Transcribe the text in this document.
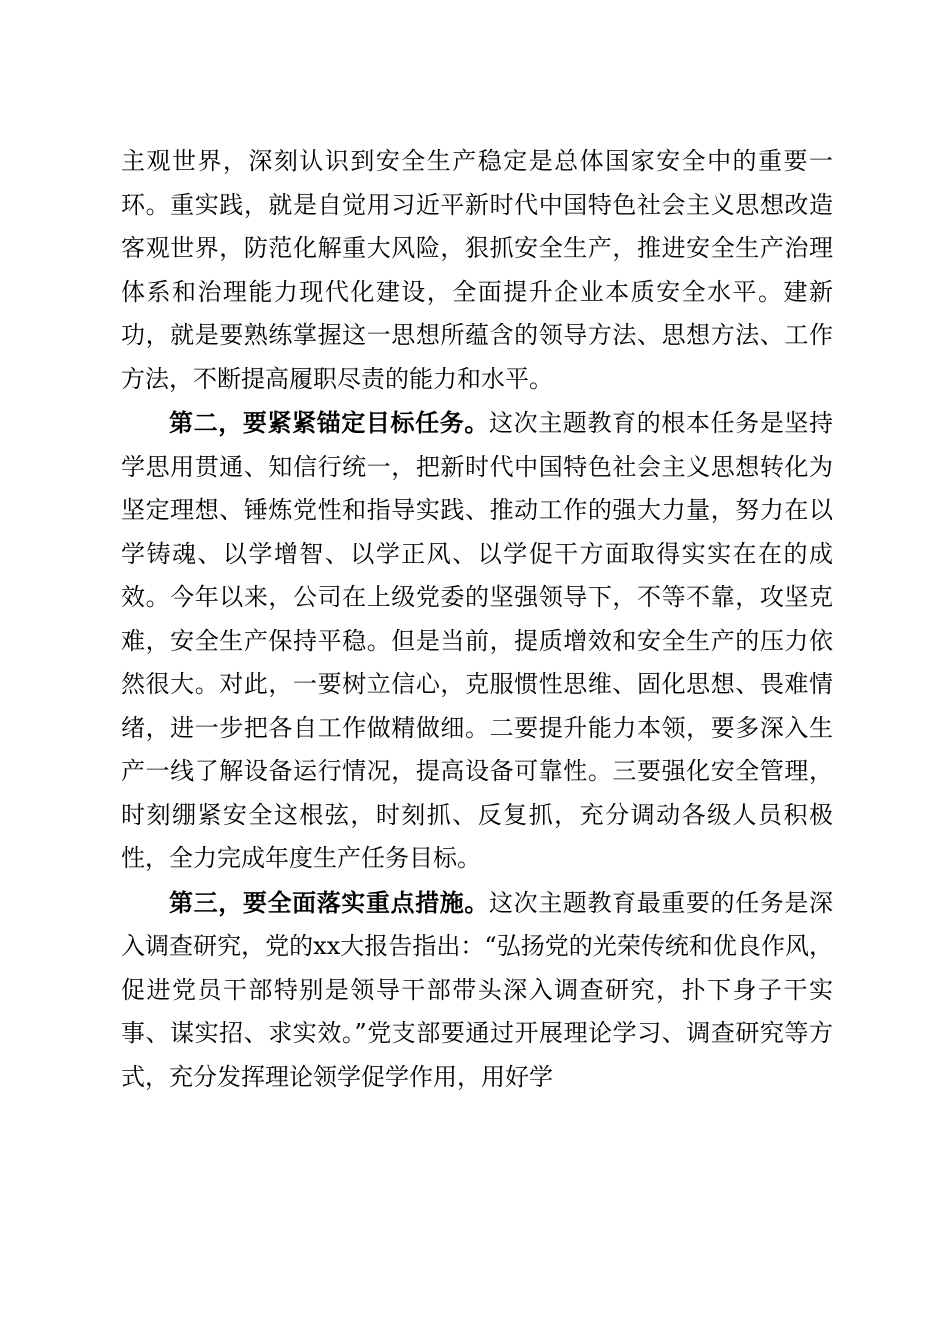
主观世界，深刻认识到安全生产稳定是总体国家安全中的重要一环。重实践，就是自觉用习近平新时代中国特色社会主义思想改造客观世界，防范化解重大风险，狠抓安全生产，推进安全生产治理体系和治理能力现代化建设，全面提升企业本质安全水平。建新功，就是要熟练掌握这一思想所蕴含的领导方法、思想方法、工作方法，不断提高履职尽责的能力和水平。

第二，要紧紧锚定目标任务。这次主题教育的根本任务是坚持学思用贯通、知信行统一，把新时代中国特色社会主义思想转化为坚定理想、锤炼党性和指导实践、推动工作的强大力量，努力在以学铸魂、以学增智、以学正风、以学促干方面取得实实在在的成效。今年以来，公司在上级党委的坚强领导下，不等不靠，攻坚克难，安全生产保持平稳。但是当前，提质增效和安全生产的压力依然很大。对此，一要树立信心，克服惯性思维、固化思想、畏难情绪，进一步把各自工作做精做细。二要提升能力本领，要多深入生产一线了解设备运行情况，提高设备可靠性。三要强化安全管理，时刻绷紧安全这根弦，时刻抓、反复抓，充分调动各级人员积极性，全力完成年度生产任务目标。

第三，要全面落实重点措施。这次主题教育最重要的任务是深入调查研究，党的xx大报告指出：“弘扬党的光荣传统和优良作风，促进党员干部特别是领导干部带头深入调查研究，扑下身子干实事、谋实招、求实效。”党支部要通过开展理论学习、调查研究等方式，充分发挥理论领学促学作用，用好学
